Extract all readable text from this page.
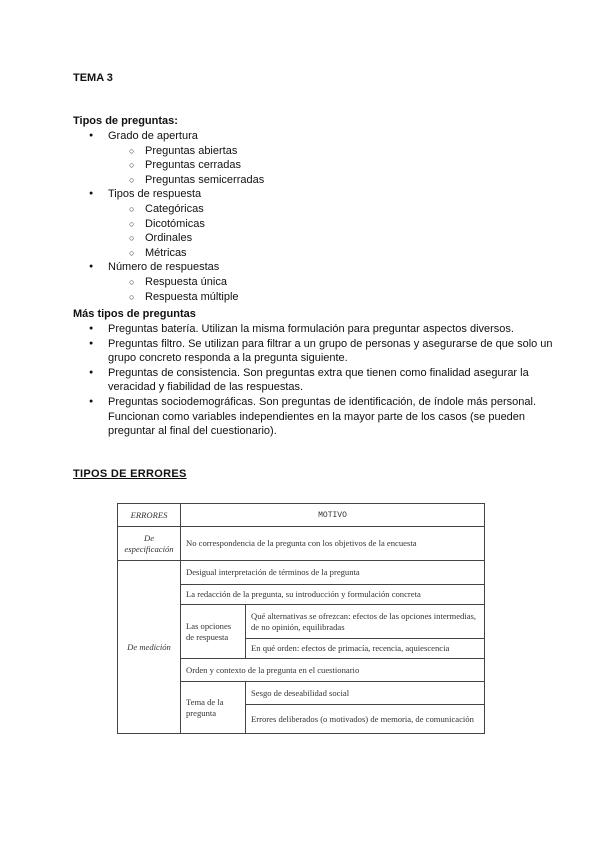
TEMA 3
Tipos de preguntas:
● Grado de apertura
○ Preguntas abiertas
○ Preguntas cerradas
○ Preguntas semicerradas
● Tipos de respuesta
○ Categóricas
○ Dicotómicas
○ Ordinales
○ Métricas
● Número de respuestas
○ Respuesta única
○ Respuesta múltiple
Más tipos de preguntas
● Preguntas batería. Utilizan la misma formulación para preguntar aspectos diversos.
● Preguntas filtro. Se utilizan para filtrar a un grupo de personas y asegurarse de que solo un grupo concreto responda a la pregunta siguiente.
● Preguntas de consistencia. Son preguntas extra que tienen como finalidad asegurar la veracidad y fiabilidad de las respuestas.
● Preguntas sociodemográficas. Son preguntas de identificación, de índole más personal. Funcionan como variables independientes en la mayor parte de los casos (se pueden preguntar al final del cuestionario).
TIPOS DE ERRORES
ERRORES	MOTIVO	
De especificación	No correspondencia de la pregunta con los objetivos de la encuesta	
De medición	Desigual interpretación de términos de la pregunta	
	La redacción de la pregunta, su introducción y formulación concreta	
	Las opciones de respuesta	Qué alternativas se ofrezcan: efectos de las opciones intermedias, de no opinión, equilibradas
		En qué orden: efectos de primacía, recencia, aquiescencia
	Orden y contexto de la pregunta en el cuestionario	
	Tema de la pregunta	Sesgo de deseabilidad social
		Errores deliberados (o motivados) de memoria, de comunicación
